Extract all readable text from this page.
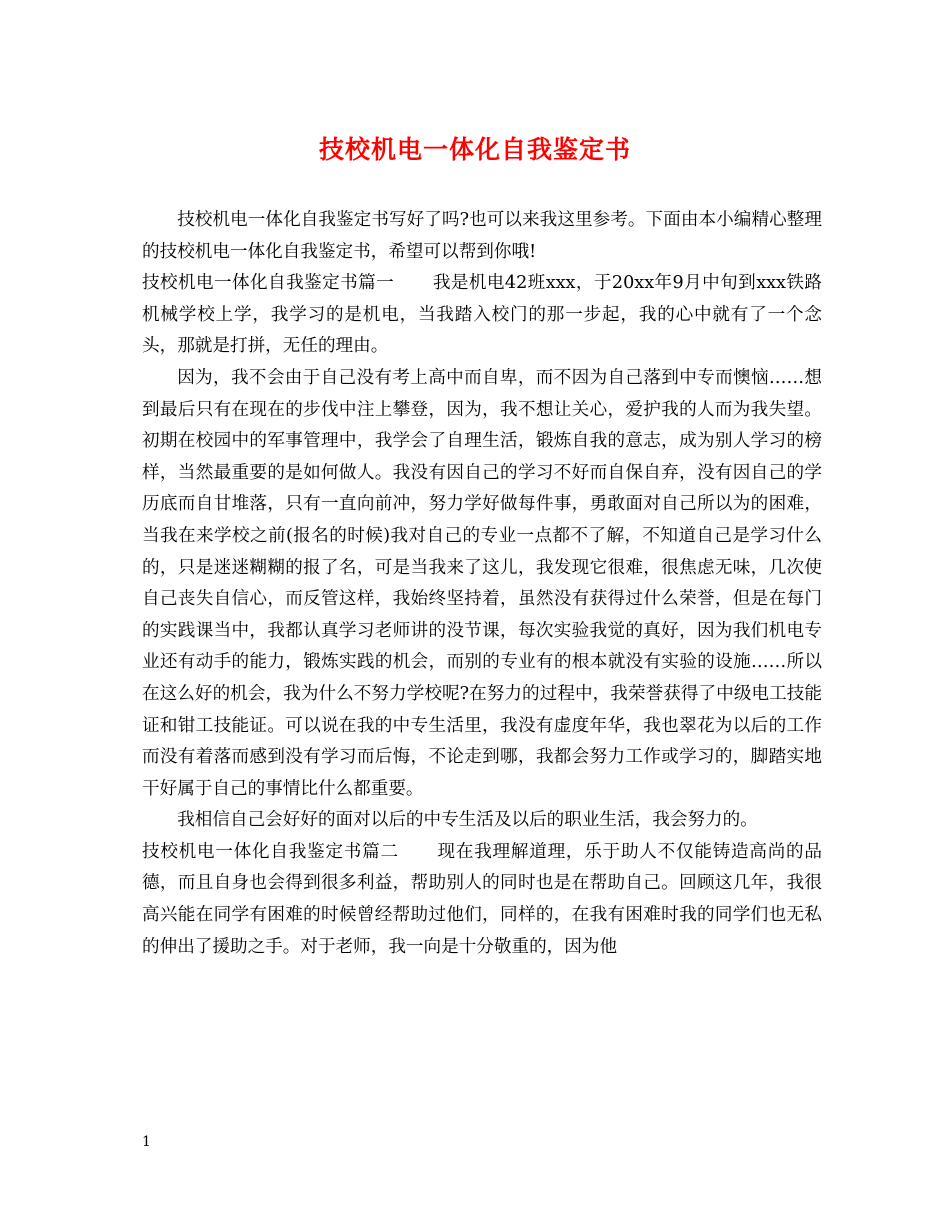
技校机电一体化自我鉴定书

技校机电一体化自我鉴定书写好了吗?也可以来我这里参考。下面由本小编精心整理的技校机电一体化自我鉴定书，希望可以帮到你哦!

技校机电一体化自我鉴定书篇一 我是机电42班xxx，于20xx年9月中旬到xxx铁路机械学校上学，我学习的是机电，当我踏入校门的那一步起，我的心中就有了一个念头，那就是打拼，无任的理由。

因为，我不会由于自己没有考上高中而自卑，而不因为自己落到中专而懊恼……想到最后只有在现在的步伐中注上攀登，因为，我不想让关心，爱护我的人而为我失望。初期在校园中的军事管理中，我学会了自理生活，锻炼自我的意志，成为别人学习的榜样，当然最重要的是如何做人。我没有因自己的学习不好而自保自弃，没有因自己的学历底而自甘堆落，只有一直向前冲，努力学好做每件事，勇敢面对自己所以为的困难，当我在来学校之前(报名的时候)我对自己的专业一点都不了解，不知道自己是学习什么的，只是迷迷糊糊的报了名，可是当我来了这儿，我发现它很难，很焦虑无味，几次使自己丧失自信心，而反管这样，我始终坚持着，虽然没有获得过什么荣誉，但是在每门的实践课当中，我都认真学习老师讲的没节课，每次实验我觉的真好，因为我们机电专业还有动手的能力，锻炼实践的机会，而别的专业有的根本就没有实验的设施……所以在这么好的机会，我为什么不努力学校呢?在努力的过程中，我荣誉获得了中级电工技能证和钳工技能证。可以说在我的中专生活里，我没有虚度年华，我也翠花为以后的工作而没有着落而感到没有学习而后悔，不论走到哪，我都会努力工作或学习的，脚踏实地干好属于自己的事情比什么都重要。

我相信自己会好好的面对以后的中专生活及以后的职业生活，我会努力的。

技校机电一体化自我鉴定书篇二 现在我理解道理，乐于助人不仅能铸造高尚的品德，而且自身也会得到很多利益，帮助别人的同时也是在帮助自己。回顾这几年，我很高兴能在同学有困难的时候曾经帮助过他们，同样的，在我有困难时我的同学们也无私的伸出了援助之手。对于老师，我一向是十分敬重的，因为他

1
